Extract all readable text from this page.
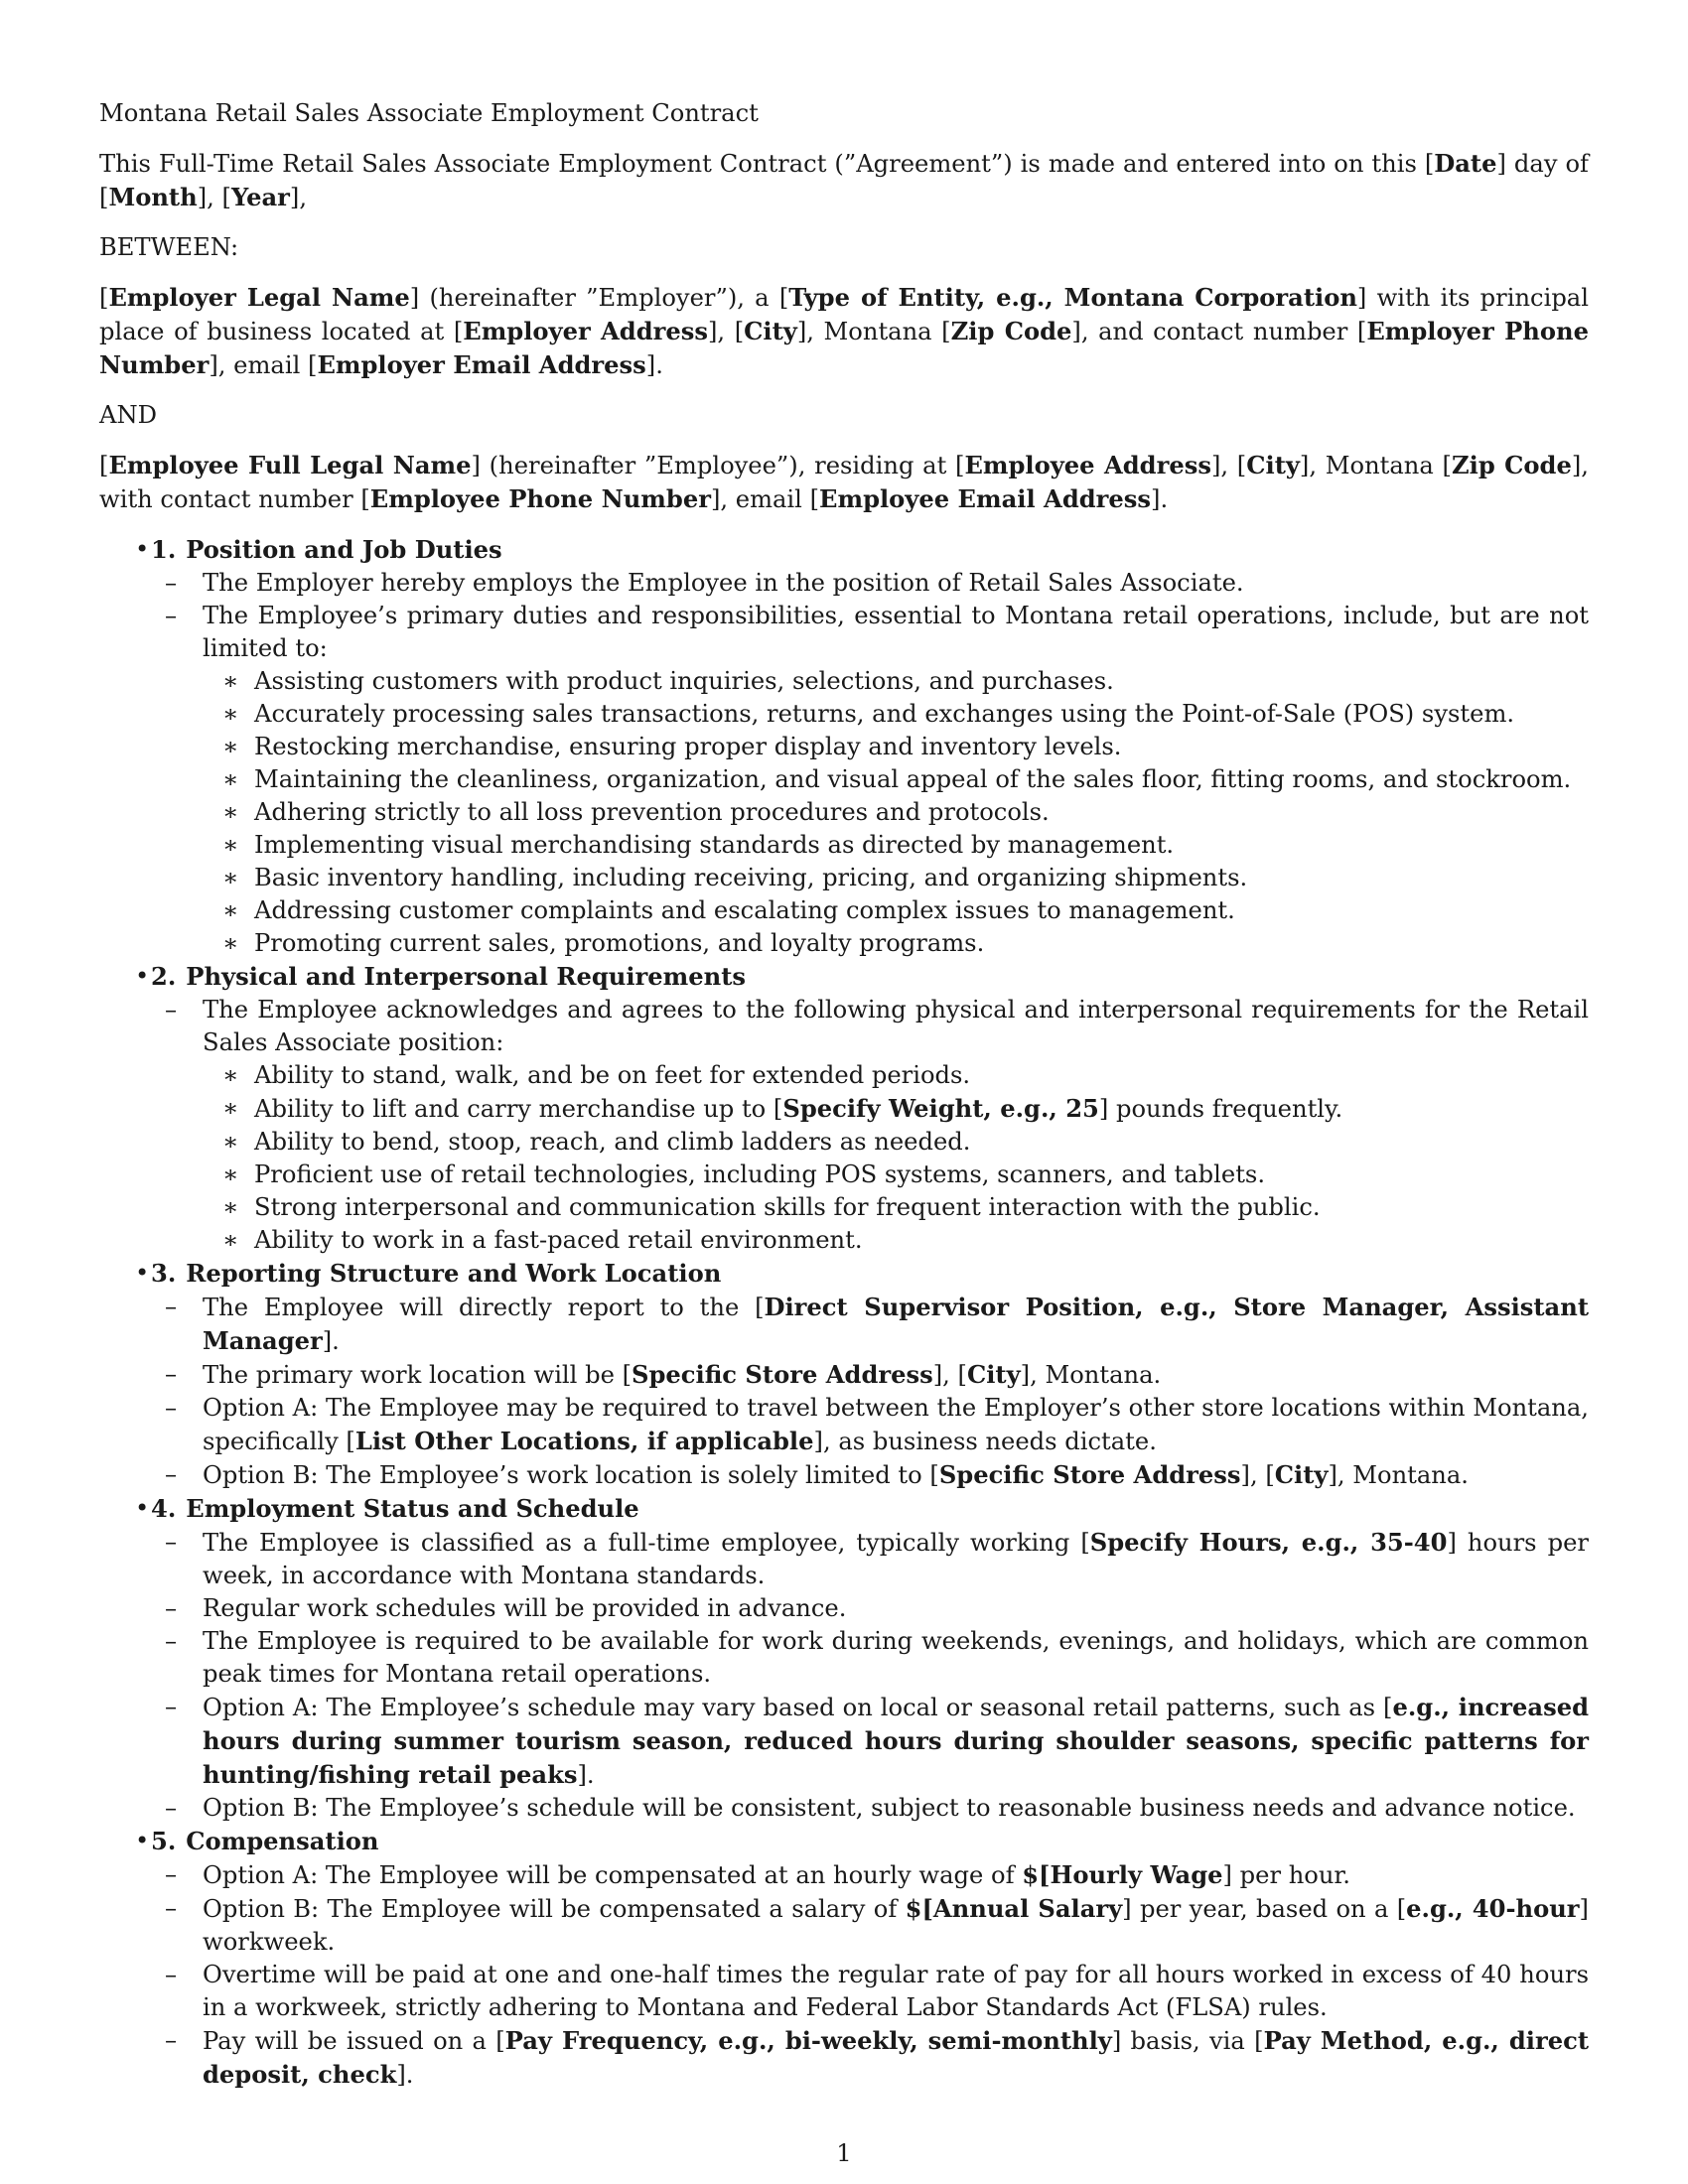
Montana Retail Sales Associate Employment Contract

This Full-Time Retail Sales Associate Employment Contract (”Agreement”) is made and entered into on this [Date] day of [Month], [Year],

BETWEEN:

[Employer Legal Name] (hereinafter ”Employer”), a [Type of Entity, e.g., Montana Corporation] with its principal place of business located at [Employer Address], [City], Montana [Zip Code], and contact number [Employer Phone Number], email [Employer Email Address].

AND

[Employee Full Legal Name] (hereinafter ”Employee”), residing at [Employee Address], [City], Montana [Zip Code], with contact number [Employee Phone Number], email [Employee Email Address].

• 1. Position and Job Duties
– The Employer hereby employs the Employee in the position of Retail Sales Associate.
– The Employee’s primary duties and responsibilities, essential to Montana retail operations, include, but are not limited to:
∗ Assisting customers with product inquiries, selections, and purchases.
∗ Accurately processing sales transactions, returns, and exchanges using the Point-of-Sale (POS) system.
∗ Restocking merchandise, ensuring proper display and inventory levels.
∗ Maintaining the cleanliness, organization, and visual appeal of the sales floor, fitting rooms, and stockroom.
∗ Adhering strictly to all loss prevention procedures and protocols.
∗ Implementing visual merchandising standards as directed by management.
∗ Basic inventory handling, including receiving, pricing, and organizing shipments.
∗ Addressing customer complaints and escalating complex issues to management.
∗ Promoting current sales, promotions, and loyalty programs.
• 2. Physical and Interpersonal Requirements
– The Employee acknowledges and agrees to the following physical and interpersonal requirements for the Retail Sales Associate position:
∗ Ability to stand, walk, and be on feet for extended periods.
∗ Ability to lift and carry merchandise up to [Specify Weight, e.g., 25] pounds frequently.
∗ Ability to bend, stoop, reach, and climb ladders as needed.
∗ Proficient use of retail technologies, including POS systems, scanners, and tablets.
∗ Strong interpersonal and communication skills for frequent interaction with the public.
∗ Ability to work in a fast-paced retail environment.
• 3. Reporting Structure and Work Location
– The Employee will directly report to the [Direct Supervisor Position, e.g., Store Manager, Assistant Manager].
– The primary work location will be [Specific Store Address], [City], Montana.
– Option A: The Employee may be required to travel between the Employer’s other store locations within Montana, specifically [List Other Locations, if applicable], as business needs dictate.
– Option B: The Employee’s work location is solely limited to [Specific Store Address], [City], Montana.
• 4. Employment Status and Schedule
– The Employee is classified as a full-time employee, typically working [Specify Hours, e.g., 35-40] hours per week, in accordance with Montana standards.
– Regular work schedules will be provided in advance.
– The Employee is required to be available for work during weekends, evenings, and holidays, which are common peak times for Montana retail operations.
– Option A: The Employee’s schedule may vary based on local or seasonal retail patterns, such as [e.g., increased hours during summer tourism season, reduced hours during shoulder seasons, specific patterns for hunting/fishing retail peaks].
– Option B: The Employee’s schedule will be consistent, subject to reasonable business needs and advance notice.
• 5. Compensation
– Option A: The Employee will be compensated at an hourly wage of $[Hourly Wage] per hour.
– Option B: The Employee will be compensated a salary of $[Annual Salary] per year, based on a [e.g., 40-hour] workweek.
– Overtime will be paid at one and one-half times the regular rate of pay for all hours worked in excess of 40 hours in a workweek, strictly adhering to Montana and Federal Labor Standards Act (FLSA) rules.
– Pay will be issued on a [Pay Frequency, e.g., bi-weekly, semi-monthly] basis, via [Pay Method, e.g., direct deposit, check].
1
